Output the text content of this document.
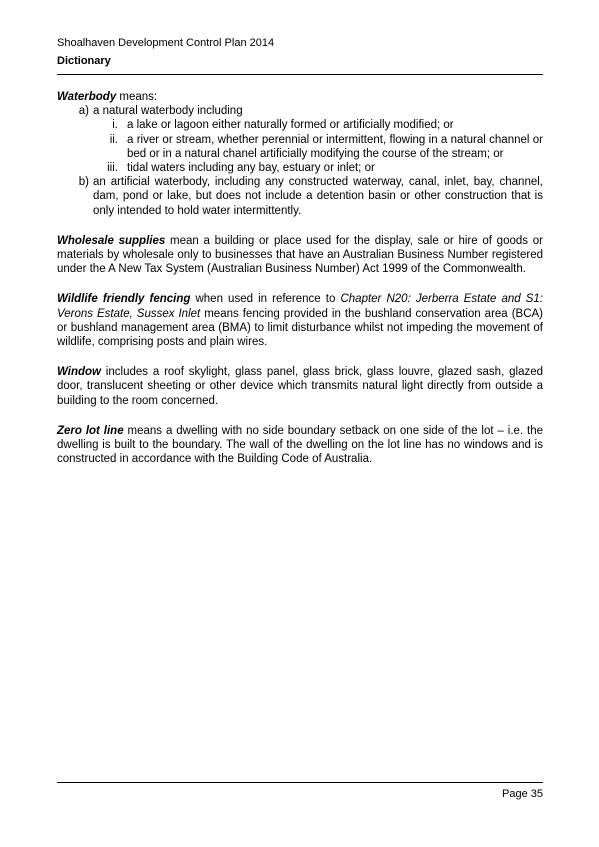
Shoalhaven Development Control Plan 2014
Dictionary
Waterbody means:
a) a natural waterbody including
i. a lake or lagoon either naturally formed or artificially modified; or
ii. a river or stream, whether perennial or intermittent, flowing in a natural channel or bed or in a natural chanel artificially modifying the course of the stream; or
iii. tidal waters including any bay, estuary or inlet; or
b) an artificial waterbody, including any constructed waterway, canal, inlet, bay, channel, dam, pond or lake, but does not include a detention basin or other construction that is only intended to hold water intermittently.

Wholesale supplies mean a building or place used for the display, sale or hire of goods or materials by wholesale only to businesses that have an Australian Business Number registered under the A New Tax System (Australian Business Number) Act 1999 of the Commonwealth.

Wildlife friendly fencing when used in reference to Chapter N20: Jerberra Estate and S1: Verons Estate, Sussex Inlet means fencing provided in the bushland conservation area (BCA) or bushland management area (BMA) to limit disturbance whilst not impeding the movement of wildlife, comprising posts and plain wires.

Window includes a roof skylight, glass panel, glass brick, glass louvre, glazed sash, glazed door, translucent sheeting or other device which transmits natural light directly from outside a building to the room concerned.

Zero lot line means a dwelling with no side boundary setback on one side of the lot – i.e. the dwelling is built to the boundary. The wall of the dwelling on the lot line has no windows and is constructed in accordance with the Building Code of Australia.

Page 35
